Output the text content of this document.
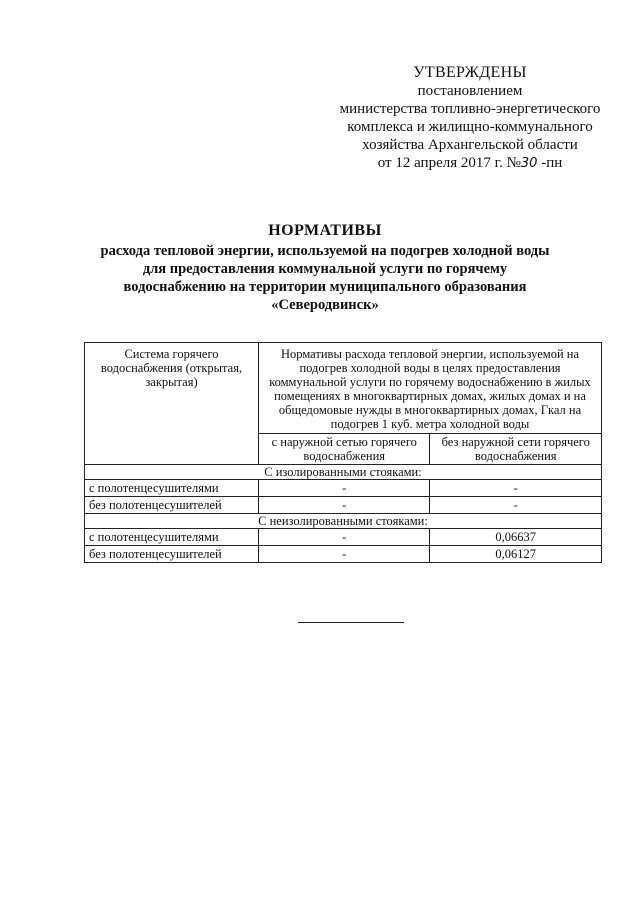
УТВЕРЖДЕНЫ
постановлением
министерства топливно-энергетического
комплекса и жилищно-коммунального
хозяйства Архангельской области
от 12 апреля 2017 г. №30 -пн
НОРМАТИВЫ
расхода тепловой энергии, используемой на подогрев холодной воды для предоставления коммунальной услуги по горячему водоснабжению на территории муниципального образования «Северодвинск»
Система горячего водоснабжения (открытая, закрытая)	Нормативы расхода тепловой энергии, используемой на подогрев холодной воды в целях предоставления коммунальной услуги по горячему водоснабжению в жилых помещениях в многоквартирных домах, жилых домах и на общедомовые нужды в многоквартирных домах, Гкал на подогрев 1 куб. метра холодной воды	
	с наружной сетью горячего водоснабжения	без наружной сети горячего водоснабжения
С изолированными стояками:		
с полотенцесушителями	-	-
без полотенцесушителей	-	-
С неизолированными стояками:		
с полотенцесушителями	-	0,06637
без полотенцесушителей	-	0,06127
